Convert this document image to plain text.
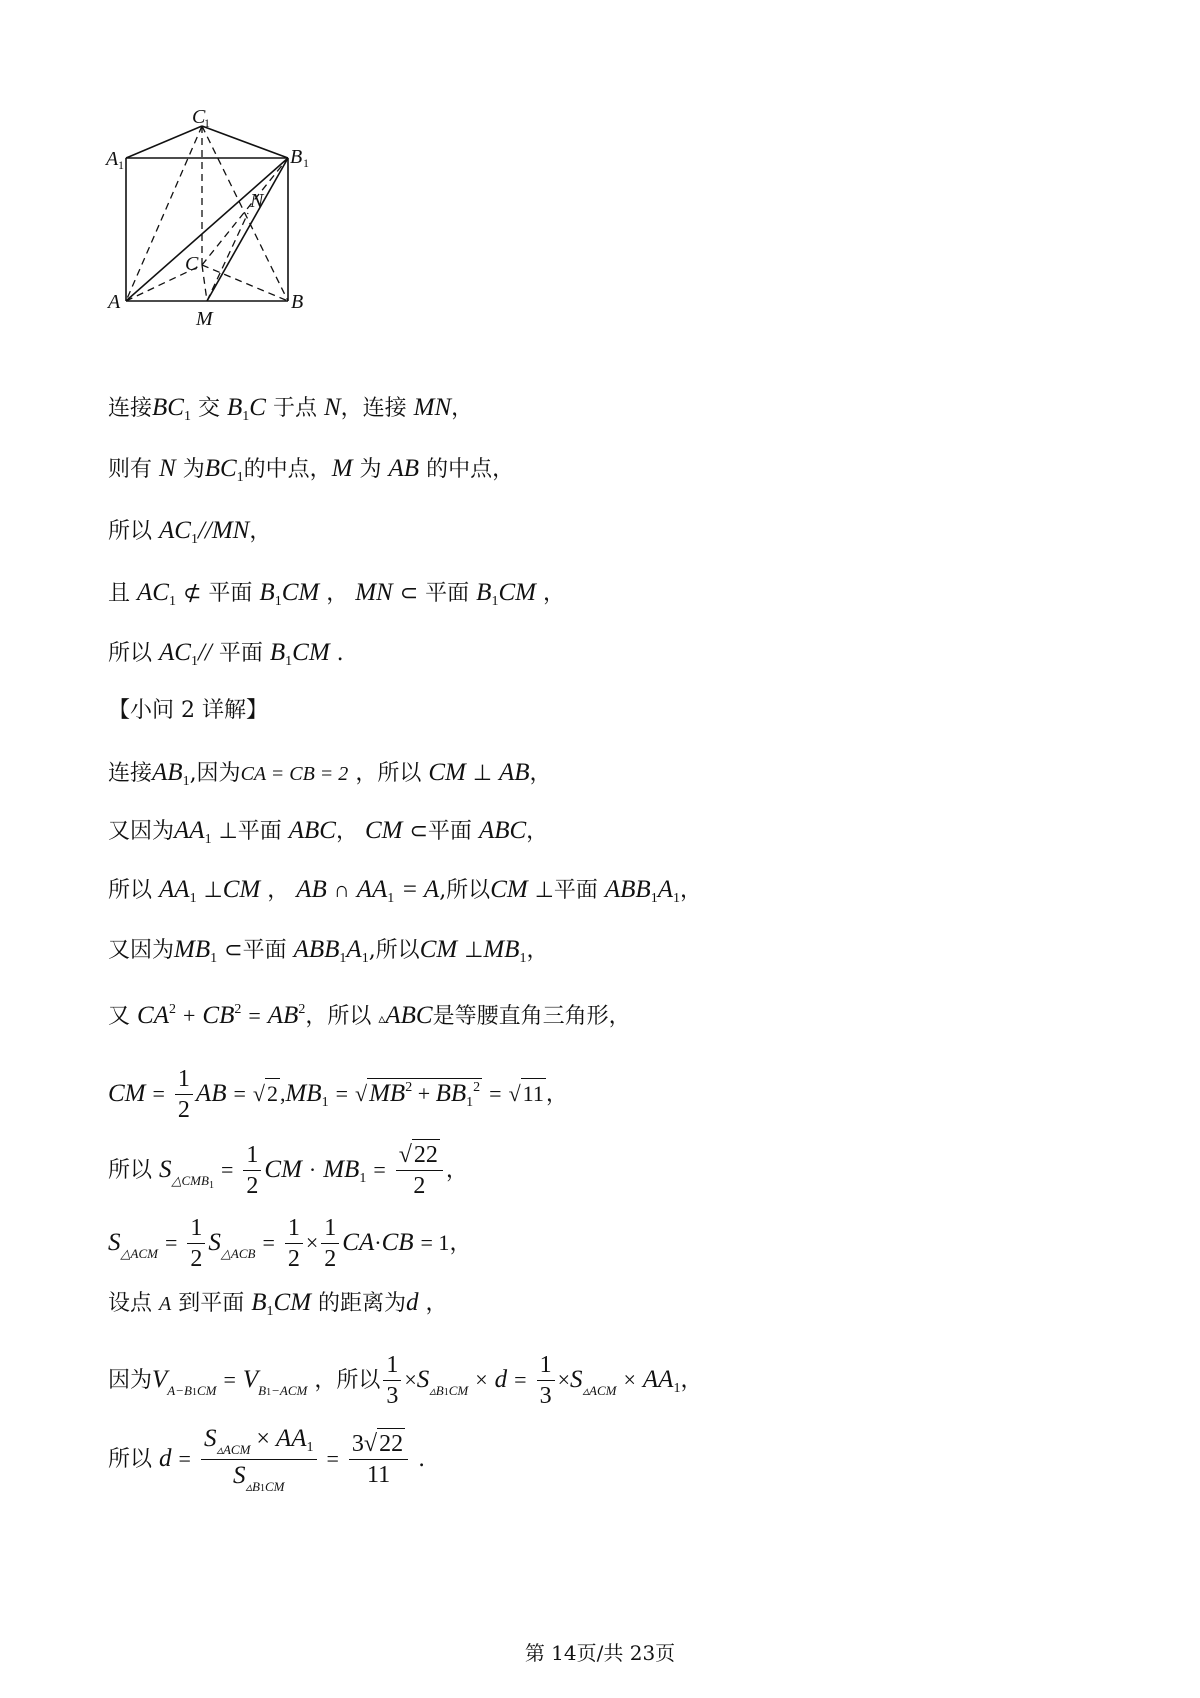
C
1
A 1	B 1
N
C
A	B
M
连接$BC_1$ 交 $B_1C$ 于点 N，连接 MN，
则有 N 为$BC_1$的中点，M 为 AB 的中点，
所以 $AC_1//MN$，
且 $AC_1$ ⊄ 平面 $B_1CM$ ， MN ⊂ 平面 $B_1CM$ ，
所以 $AC_1//$ 平面 $B_1CM$ .
【小问 2 详解】
连接$AB_1$,因为CA = CB = 2 ，所以 CM ⊥ AB，
又因为$AA_1$ ⊥平面 ABC， CM ⊂平面 ABC，
所以 $AA_1$ ⊥CM ， AB ∩ $AA_1 = A$,所以CM ⊥平面 $ABB_1A_1$，
又因为$MB_1$ ⊂平面 $ABB_1A_1$,所以CM $\perp MB_1$，
又 $CA^2 + CB^2 = AB^2$，所以 ▵ABC是等腰直角三角形，
CM = $\frac{1}{2}$ AB = $√2,MB_1 = √MB^2 + BB_1^2 = √11$，
所以 $S_{\triangle CMB1} = \frac{1}{2}$ CM · $MB_1 = \frac{√22}{2}$ ，
$S_{\triangle ACM} = \frac{1}{2} S_{\triangle ACB} = \frac{1}{2} \times \frac{1}{2} CA\cdot CB = 1$，
设点 A 到平面 $B_1CM$ 的距离为d ，
因为$V_{A-B1CM} = V_{B1-ACM}$ ，所以 $\frac{1}{3} \times S_{▵B1CM} \times d = \frac{1}{3} \times S_{▵ACM} \times AA_1$，
所以 $d = \frac{S_{▵ACM} \times AA_1}{S_{▵B1CM}} = \frac{3√22}{11}$ .
第 14页/共 23页
